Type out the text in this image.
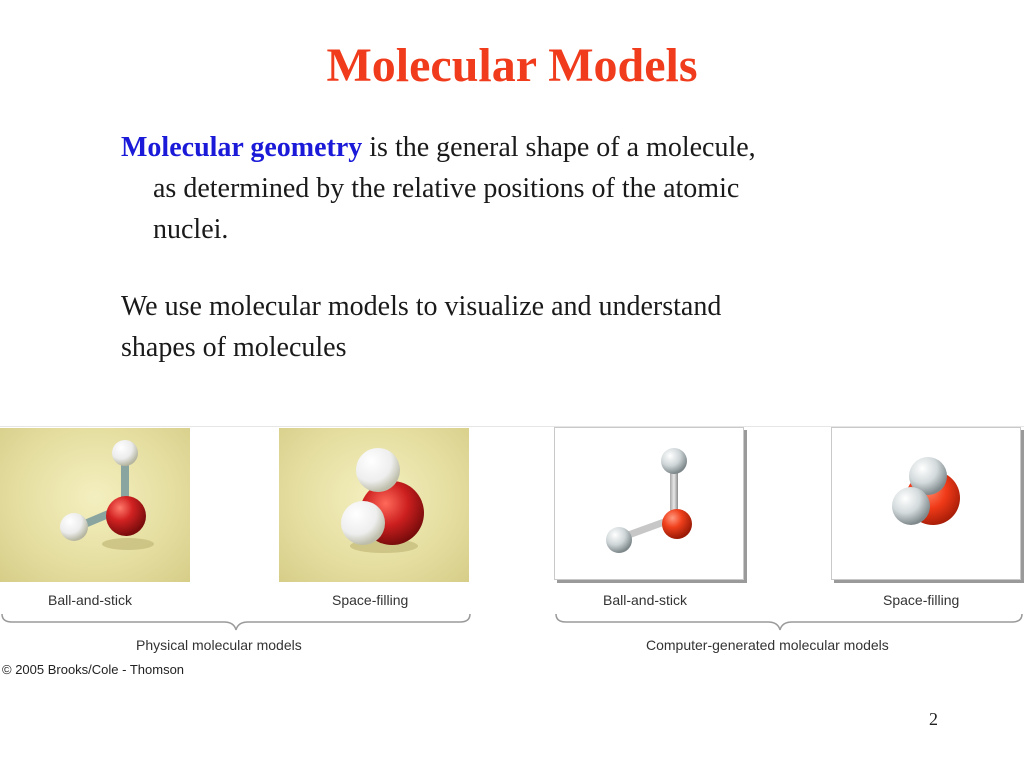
Molecular Models
Molecular geometry is the general shape of a molecule,
as determined by the relative positions of the atomic
nuclei.
We use molecular models to visualize and understand
shapes of molecules
Ball-and-stick	Space-filling	Ball-and-stick	Space-filling
Physical molecular models	Computer-generated molecular models
© 2005 Brooks/Cole - Thomson
2
